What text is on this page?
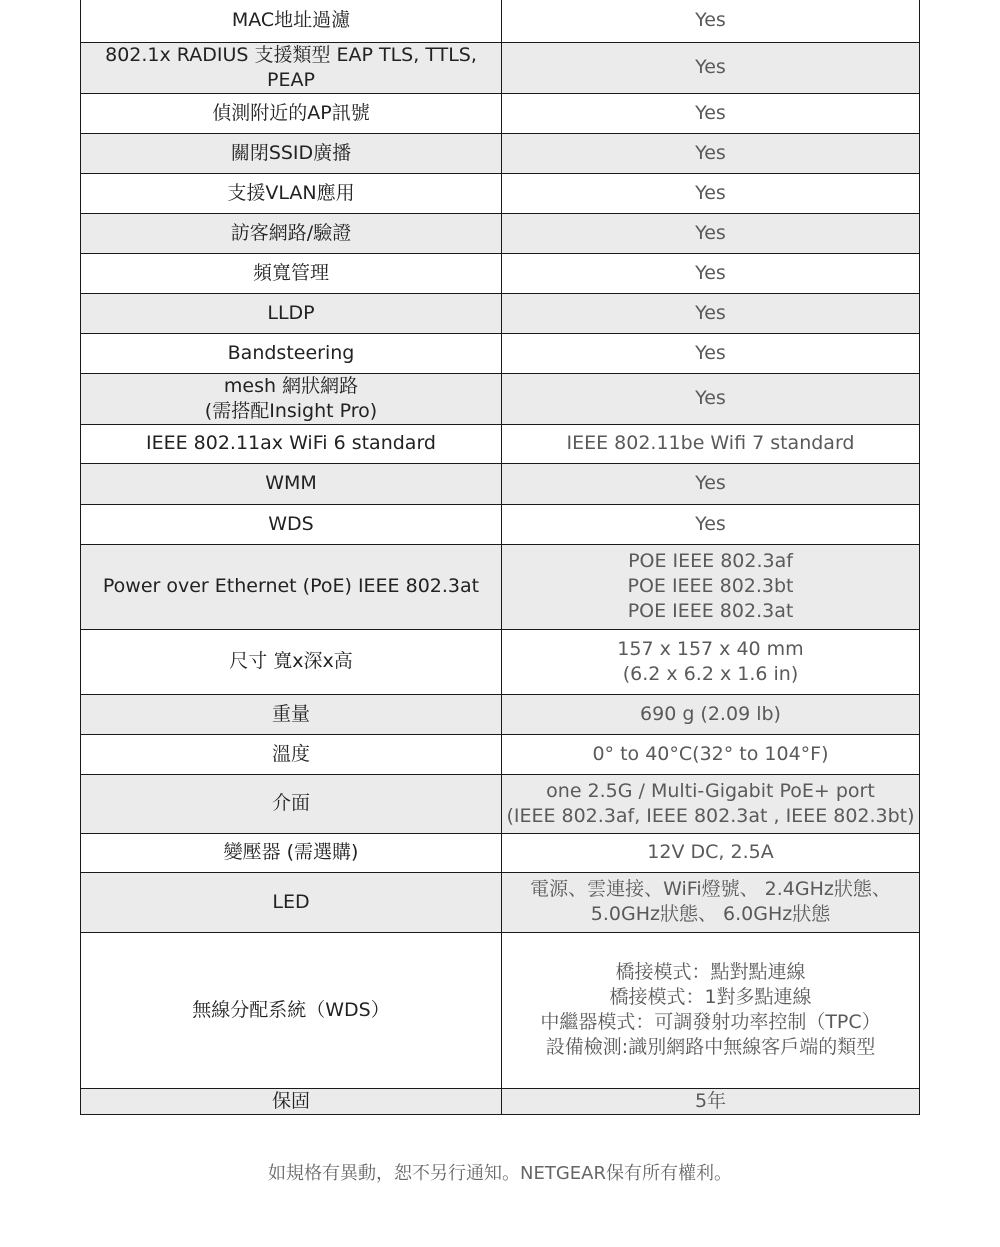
MAC地址過濾	Yes

802.1x RADIUS 支援類型 EAP TLS, TTLS, PEAP	Yes

偵測附近的AP訊號	Yes

關閉SSID廣播	Yes

支援VLAN應用	Yes

訪客網路/驗證	Yes

頻寬管理	Yes

LLDP	Yes

Bandsteering	Yes

mesh 網狀網路
(需搭配Insight Pro)	Yes

IEEE 802.11ax WiFi 6 standard	IEEE 802.11be Wifi 7 standard

WMM	Yes

WDS	Yes

Power over Ethernet (PoE) IEEE 802.3at	POE IEEE 802.3af
POE IEEE 802.3bt
POE IEEE 802.3at

尺寸 寬x深x高	157 x 157 x 40 mm
(6.2 x 6.2 x 1.6 in)

重量	690 g (2.09 lb)

溫度	0° to 40°C(32° to 104°F)

介面	one 2.5G / Multi-Gigabit PoE+ port
(IEEE 802.3af, IEEE 802.3at , IEEE 802.3bt)

變壓器 (需選購)	12V DC, 2.5A

LED	電源、雲連接、WiFi燈號、 2.4GHz狀態、
5.0GHz狀態、 6.0GHz狀態

無線分配系統（WDS）	橋接模式：點對點連線
橋接模式：1對多點連線
中繼器模式：可調發射功率控制（TPC）
設備檢測:識別網路中無線客戶端的類型

保固	5年
如規格有異動，恕不另行通知。NETGEAR保有所有權利。
